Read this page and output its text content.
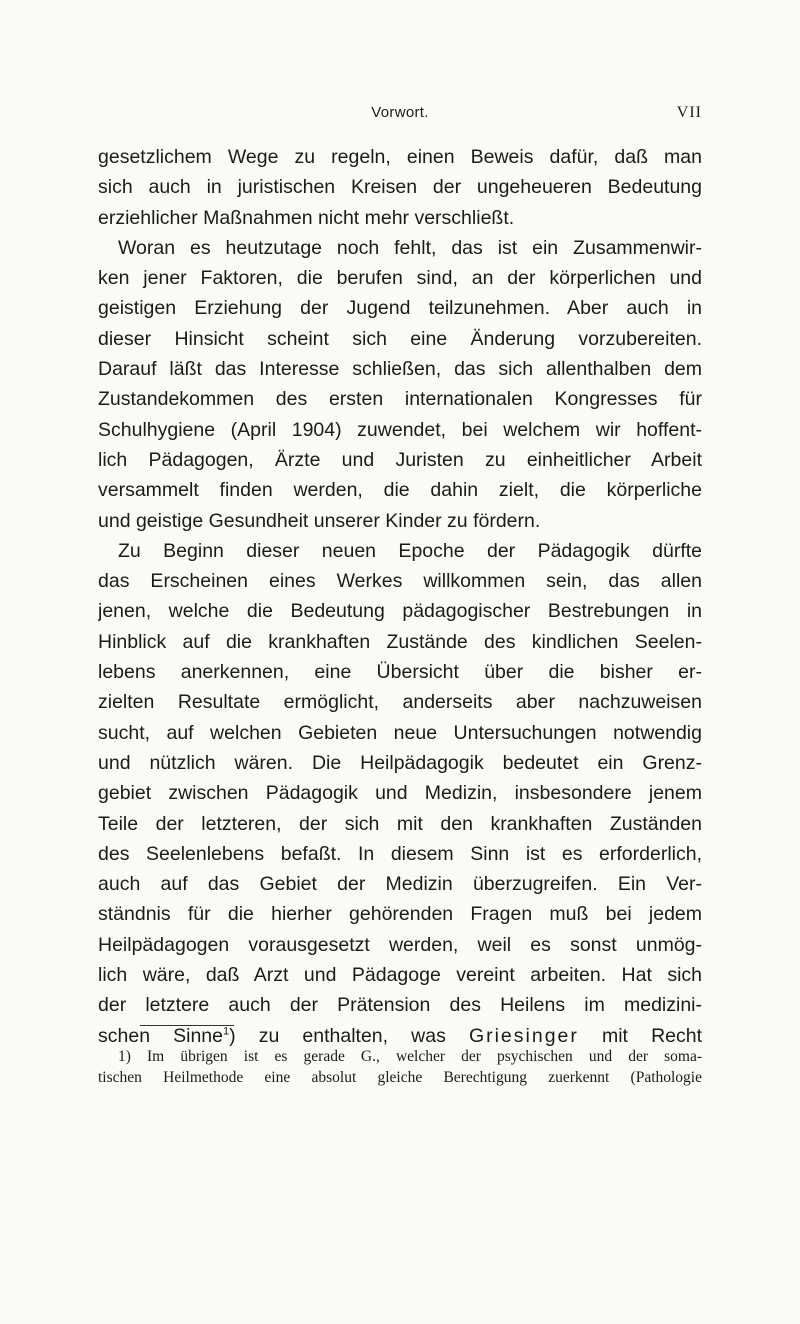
Vorwort.	VII
gesetzlichem Wege zu regeln, einen Beweis dafür, daß man
sich auch in juristischen Kreisen der ungeheueren Bedeutung
erziehlicher Maßnahmen nicht mehr verschließt.
Woran es heutzutage noch fehlt, das ist ein Zusammenwir-
ken jener Faktoren, die berufen sind, an der körperlichen und
geistigen Erziehung der Jugend teilzunehmen. Aber auch in
dieser Hinsicht scheint sich eine Änderung vorzubereiten.
Darauf läßt das Interesse schließen, das sich allenthalben dem
Zustandekommen des ersten internationalen Kongresses für
Schulhygiene (April 1904) zuwendet, bei welchem wir hoffent-
lich Pädagogen, Ärzte und Juristen zu einheitlicher Arbeit
versammelt finden werden, die dahin zielt, die körperliche
und geistige Gesundheit unserer Kinder zu fördern.
Zu Beginn dieser neuen Epoche der Pädagogik dürfte
das Erscheinen eines Werkes willkommen sein, das allen
jenen, welche die Bedeutung pädagogischer Bestrebungen in
Hinblick auf die krankhaften Zustände des kindlichen Seelen-
lebens anerkennen, eine Übersicht über die bisher er-
zielten Resultate ermöglicht, anderseits aber nachzuweisen
sucht, auf welchen Gebieten neue Untersuchungen notwendig
und nützlich wären. Die Heilpädagogik bedeutet ein Grenz-
gebiet zwischen Pädagogik und Medizin, insbesondere jenem
Teile der letzteren, der sich mit den krankhaften Zuständen
des Seelenlebens befaßt. In diesem Sinn ist es erforderlich,
auch auf das Gebiet der Medizin überzugreifen. Ein Ver-
ständnis für die hierher gehörenden Fragen muß bei jedem
Heilpädagogen vorausgesetzt werden, weil es sonst unmög-
lich wäre, daß Arzt und Pädagoge vereint arbeiten. Hat sich
der letztere auch der Prätension des Heilens im medizini-
schen Sinne$^1$) zu enthalten, was Griesinger mit Recht
1) Im übrigen ist es gerade G., welcher der psychischen und der soma-
tischen Heilmethode eine absolut gleiche Berechtigung zuerkennt (Pathologie
